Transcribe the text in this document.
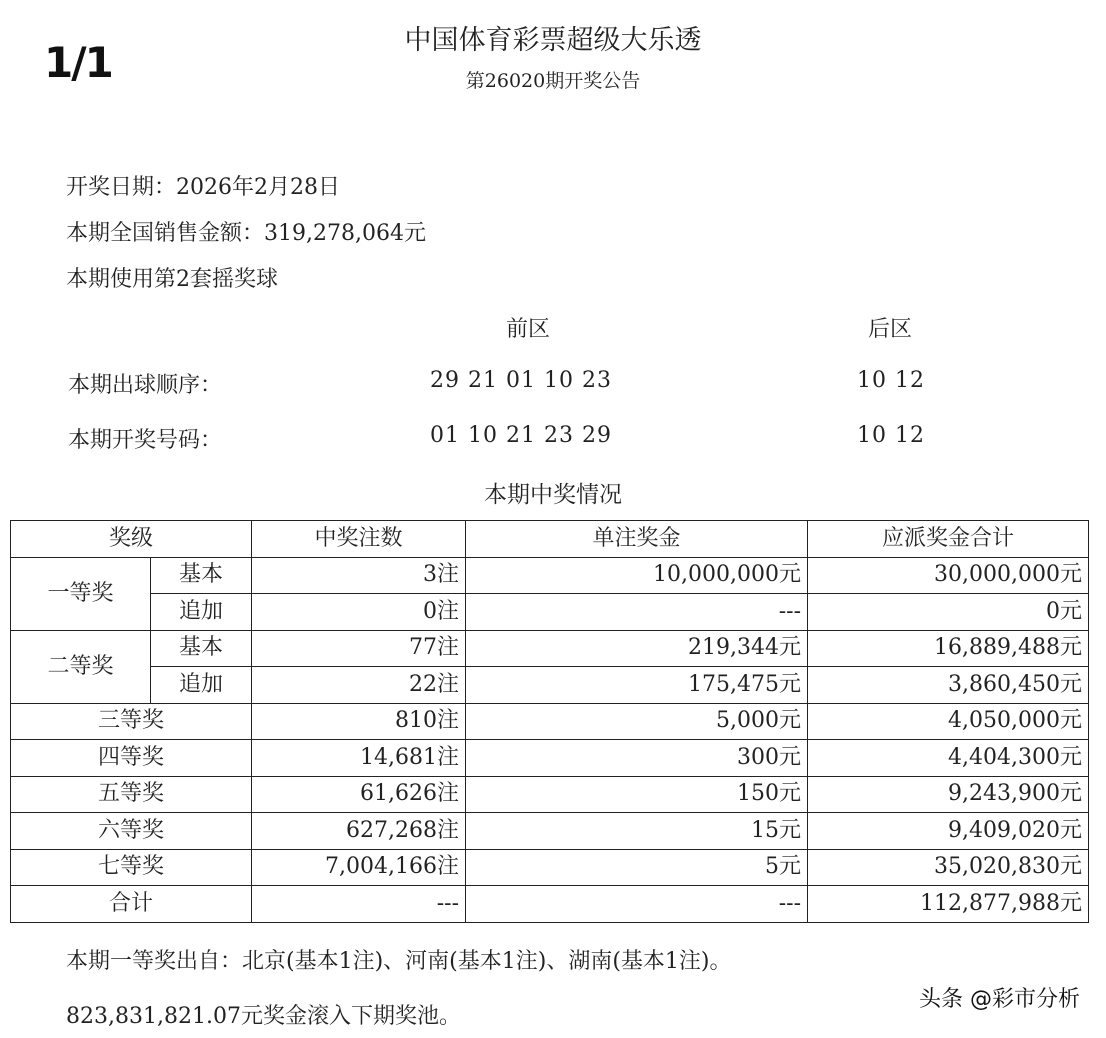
1/1	中国体育彩票超级大乐透
第26020期开奖公告
开奖日期：2026年2月28日
本期全国销售金额：319,278,064元
本期使用第2套摇奖球
前区	后区
本期出球顺序：	29 21 01 10 23	10 12
本期开奖号码：	01 10 21 23 29	10 12
本期中奖情况
奖级		中奖注数	单注奖金	应派奖金合计
一等奖	基本	3注	10,000,000元	30,000,000元
	追加	0注	---	0元
二等奖	基本	77注	219,344元	16,889,488元
	追加	22注	175,475元	3,860,450元
三等奖		810注	5,000元	4,050,000元
四等奖		14,681注	300元	4,404,300元
五等奖		61,626注	150元	9,243,900元
六等奖		627,268注	15元	9,409,020元
七等奖		7,004,166注	5元	35,020,830元
合计		---	---	112,877,988元
本期一等奖出自：北京(基本1注)、河南(基本1注)、湖南(基本1注)。
823,831,821.07元奖金滚入下期奖池。
头条 @彩市分析
